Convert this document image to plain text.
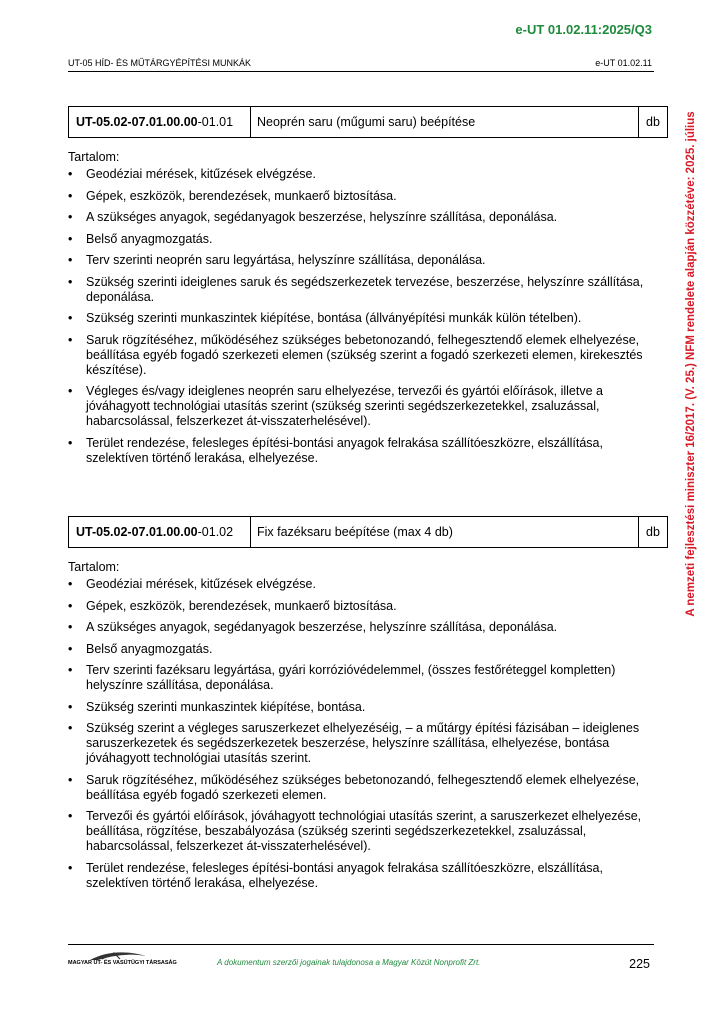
e-UT 01.02.11:2025/Q3
UT-05 HÍD- ÉS MŰTÁRGYÉPÍTÉSI MUNKÁK	e-UT 01.02.11
A nemzeti fejlesztési miniszter 16/2017. (V. 25.) NFM rendelete alapján közzétéve: 2025. július
UT-05.02-07.01.00.00 -01.01	Neoprén saru (műgumi saru) beépítése	db
Tartalom:
• Geodéziai mérések, kitűzések elvégzése.
• Gépek, eszközök, berendezések, munkaerő biztosítása.
• A szükséges anyagok, segédanyagok beszerzése, helyszínre szállítása, deponálása.
• Belső anyagmozgatás.
• Terv szerinti neoprén saru legyártása, helyszínre szállítása, deponálása.
• Szükség szerinti ideiglenes saruk és segédszerkezetek tervezése, beszerzése, helyszínre szállítása, deponálása.
• Szükség szerinti munkaszintek kiépítése, bontása (állványépítési munkák külön tételben).
• Saruk rögzítéséhez, működéséhez szükséges bebetonozandó, felhegesztendő elemek elhelyezése, beállítása egyéb fogadó szerkezeti elemen (szükség szerint a fogadó szerkezeti elemen, kirekesztés készítése).
• Végleges és/vagy ideiglenes neoprén saru elhelyezése, tervezői és gyártói előírások, illetve a jóváhagyott technológiai utasítás szerint (szükség szerinti segédszerkezetekkel, zsaluzással, habarcsolással, felszerkezet át-visszaterhelésével).
• Terület rendezése, felesleges építési-bontási anyagok felrakása szállítóeszközre, elszállítása, szelektíven történő lerakása, elhelyezése.
UT-05.02-07.01.00.00 -01.02	Fix fazéksaru beépítése (max 4 db)	db
Tartalom:
• Geodéziai mérések, kitűzések elvégzése.
• Gépek, eszközök, berendezések, munkaerő biztosítása.
• A szükséges anyagok, segédanyagok beszerzése, helyszínre szállítása, deponálása.
• Belső anyagmozgatás.
• Terv szerinti fazéksaru legyártása, gyári korrózióvédelemmel, (összes festőréteggel kompletten) helyszínre szállítása, deponálása.
• Szükség szerinti munkaszintek kiépítése, bontása.
• Szükség szerint a végleges saruszerkezet elhelyezéséig, – a műtárgy építési fázisában – ideiglenes saruszerkezetek és segédszerkezetek beszerzése, helyszínre szállítása, elhelyezése, bontása jóváhagyott technológiai utasítás szerint.
• Saruk rögzítéséhez, működéséhez szükséges bebetonozandó, felhegesztendő elemek elhelyezése, beállítása egyéb fogadó szerkezeti elemen.
• Tervezői és gyártói előírások, jóváhagyott technológiai utasítás szerint, a saruszerkezet elhelyezése, beállítása, rögzítése, beszabályozása (szükség szerinti segédszerkezetekkel, zsaluzással, habarcsolással, felszerkezet át-visszaterhelésével).
• Terület rendezése, felesleges építési-bontási anyagok felrakása szállítóeszközre, elszállítása, szelektíven történő lerakása, elhelyezése.
MAGYAR ÚT- ÉS VASÚTÜGYI TÁRSASÁG	A dokumentum szerzői jogainak tulajdonosa a Magyar Közút Nonprofit Zrt.	225
